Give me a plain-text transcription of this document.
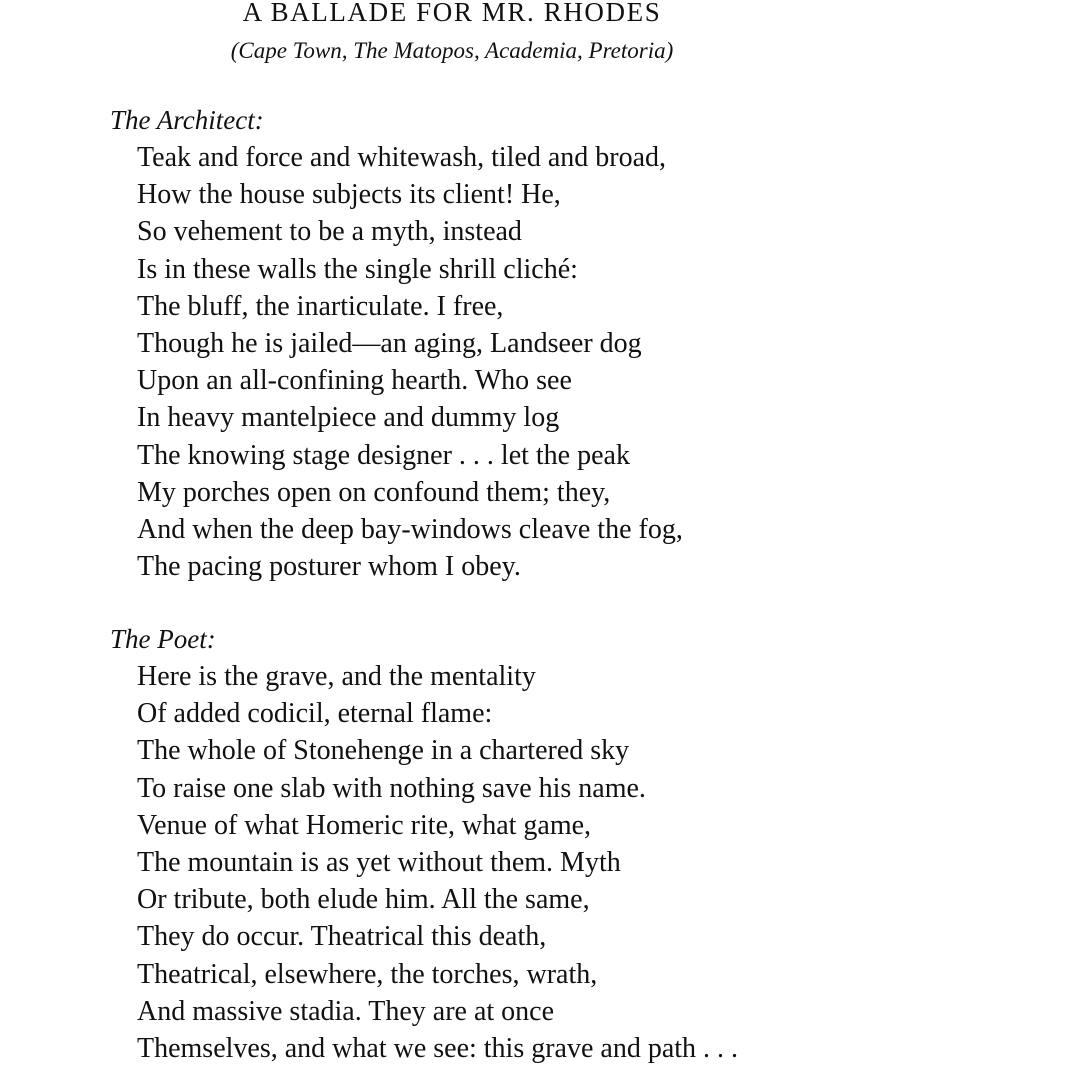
A BALLADE FOR MR. RHODES
(Cape Town, The Matopos, Academia, Pretoria)
The Architect:
Teak and force and whitewash, tiled and broad,
How the house subjects its client! He,
So vehement to be a myth, instead
Is in these walls the single shrill cliché:
The bluff, the inarticulate. I free,
Though he is jailed—an aging, Landseer dog
Upon an all-confining hearth. Who see
In heavy mantelpiece and dummy log
The knowing stage designer . . . let the peak
My porches open on confound them; they,
And when the deep bay-windows cleave the fog,
The pacing posturer whom I obey.
The Poet:
Here is the grave, and the mentality
Of added codicil, eternal flame:
The whole of Stonehenge in a chartered sky
To raise one slab with nothing save his name.
Venue of what Homeric rite, what game,
The mountain is as yet without them. Myth
Or tribute, both elude him. All the same,
They do occur. Theatrical this death,
Theatrical, elsewhere, the torches, wrath,
And massive stadia. They are at once
Themselves, and what we see: this grave and path . . .
